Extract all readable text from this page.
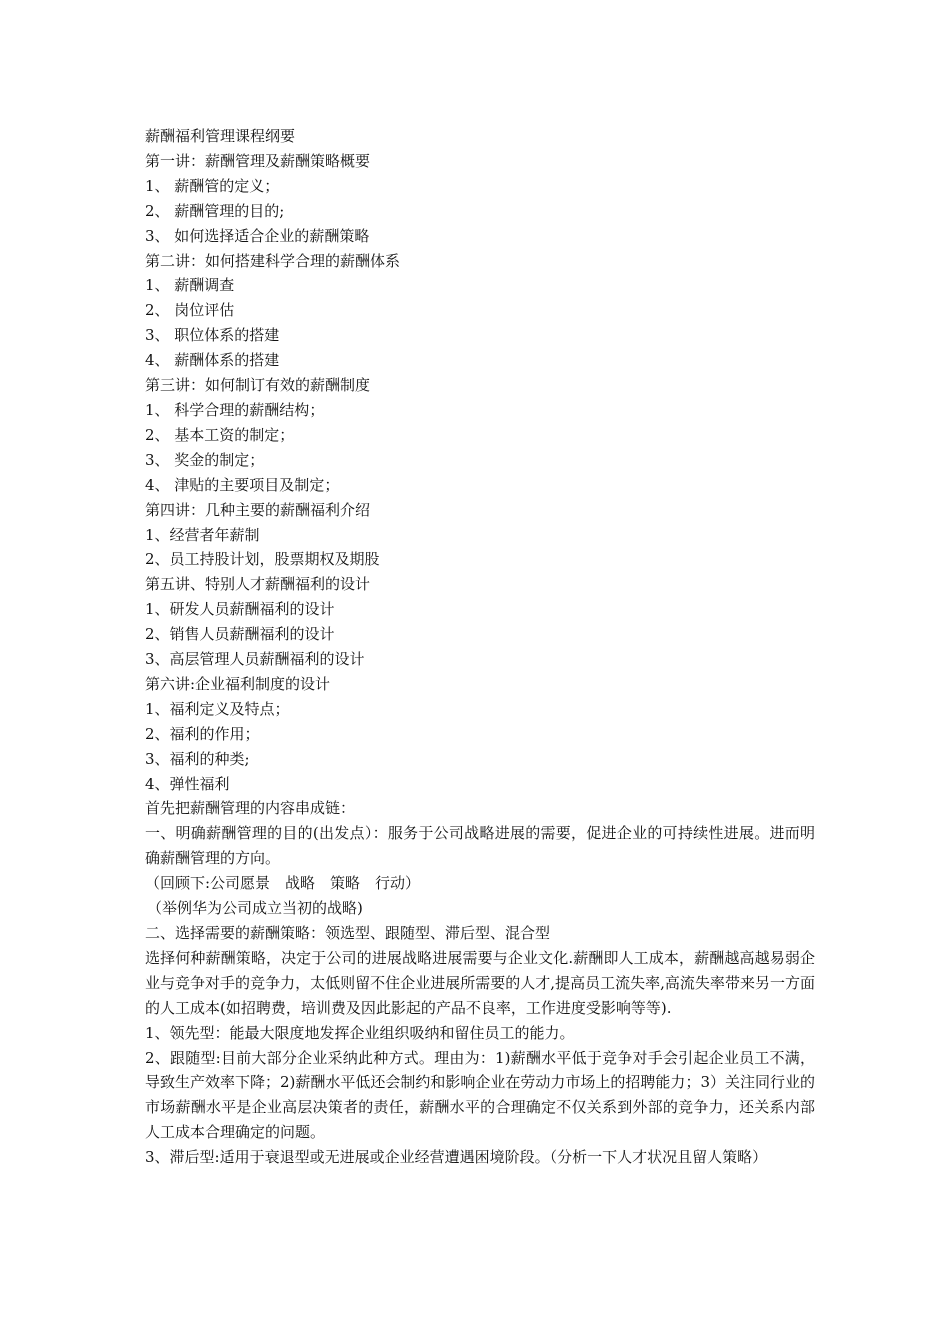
薪酬福利管理课程纲要

第一讲：薪酬管理及薪酬策略概要

1、 薪酬管的定义；

2、 薪酬管理的目的;

3、 如何选择适合企业的薪酬策略

第二讲：如何搭建科学合理的薪酬体系

1、 薪酬调查

2、 岗位评估

3、 职位体系的搭建

4、 薪酬体系的搭建

第三讲：如何制订有效的薪酬制度

1、 科学合理的薪酬结构；

2、 基本工资的制定；

3、 奖金的制定；

4、 津贴的主要项目及制定；

第四讲：几种主要的薪酬福利介绍

1、经营者年薪制

2、员工持股计划，股票期权及期股

第五讲、特别人才薪酬福利的设计

1、研发人员薪酬福利的设计

2、销售人员薪酬福利的设计

3、高层管理人员薪酬福利的设计

第六讲:企业福利制度的设计

1、福利定义及特点；

2、福利的作用；

3、福利的种类;

4、弹性福利

首先把薪酬管理的内容串成链：

一、明确薪酬管理的目的(出发点）：服务于公司战略进展的需要，促进企业的可持续性进展。进而明确薪酬管理的方向。

（回顾下:公司愿景　战略　策略　行动）

（举例华为公司成立当初的战略)

二、选择需要的薪酬策略：领选型、跟随型、滞后型、混合型

选择何种薪酬策略，决定于公司的进展战略进展需要与企业文化.薪酬即人工成本，薪酬越高越易弱企业与竞争对手的竞争力，太低则留不住企业进展所需要的人才,提高员工流失率,高流失率带来另一方面的人工成本(如招聘费，培训费及因此影起的产品不良率，工作进度受影响等等).

1、领先型：能最大限度地发挥企业组织吸纳和留住员工的能力。

2、跟随型:目前大部分企业采纳此种方式。理由为：1)薪酬水平低于竞争对手会引起企业员工不满，导致生产效率下降；2)薪酬水平低还会制约和影响企业在劳动力市场上的招聘能力；3）关注同行业的市场薪酬水平是企业高层决策者的责任，薪酬水平的合理确定不仅关系到外部的竞争力，还关系内部人工成本合理确定的问题。

3、滞后型:适用于衰退型或无进展或企业经营遭遇困境阶段。（分析一下人才状况且留人策略）
